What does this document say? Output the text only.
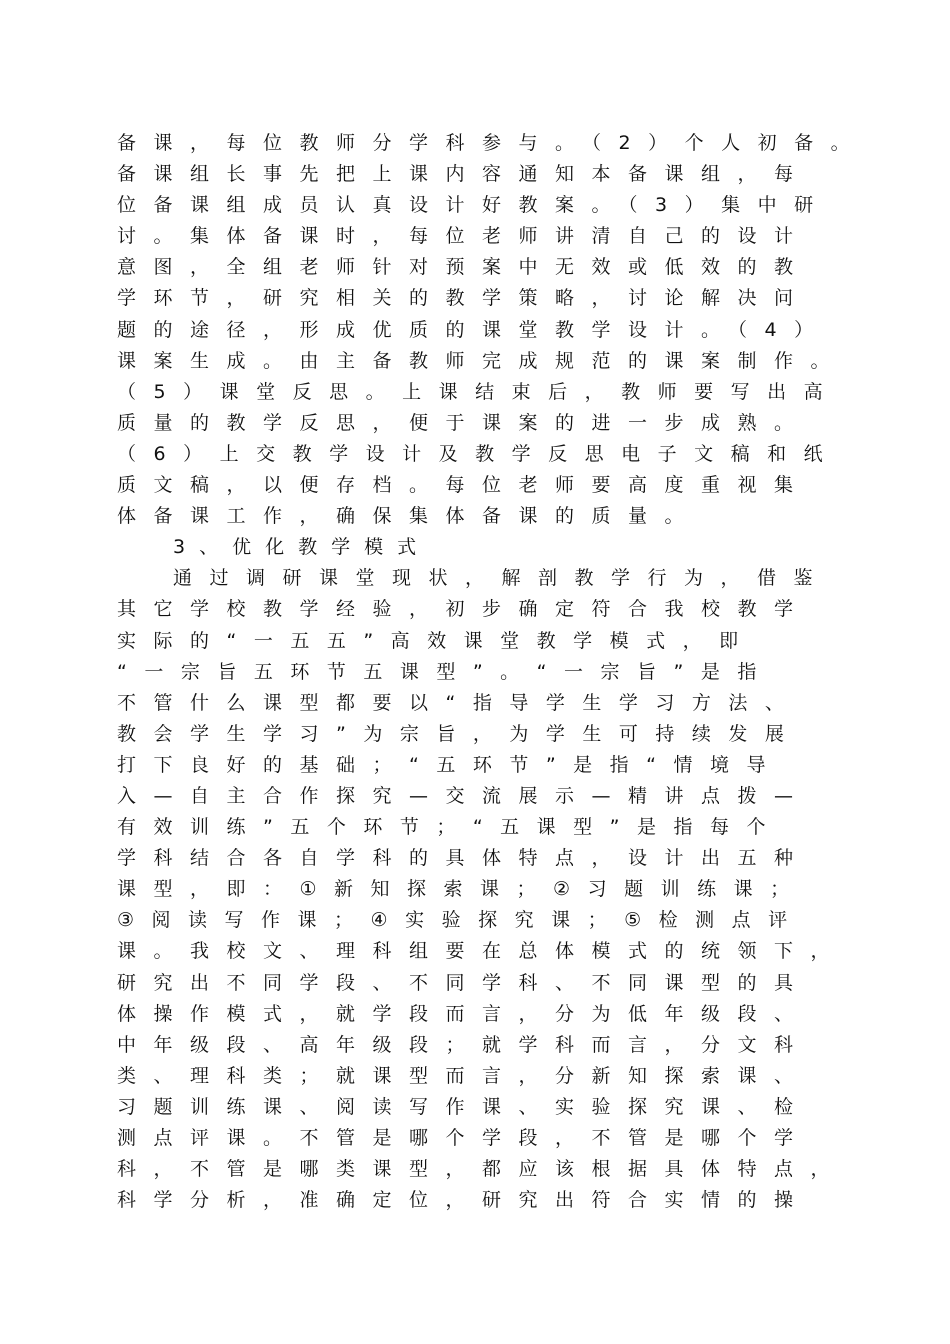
备课，每位教师分学科参与。（2）个人初备。
备课组长事先把上课内容通知本备课组，每
位备课组成员认真设计好教案。（3）集中研
讨。集体备课时，每位老师讲清自己的设计
意图，全组老师针对预案中无效或低效的教
学环节，研究相关的教学策略，讨论解决问
题的途径，形成优质的课堂教学设计。（4）
课案生成。由主备教师完成规范的课案制作。
（5）课堂反思。上课结束后，教师要写出高
质量的教学反思，便于课案的进一步成熟。
（6）上交教学设计及教学反思电子文稿和纸
质文稿，以便存档。每位老师要高度重视集
体备课工作，确保集体备课的质量。
3、优化教学模式
通过调研课堂现状，解剖教学行为，借鉴
其它学校教学经验，初步确定符合我校教学
实际的“一五五”高效课堂教学模式，即
“一宗旨五环节五课型”。“一宗旨”是指
不管什么课型都要以“指导学生学习方法、
教会学生学习”为宗旨，为学生可持续发展
打下良好的基础；“五环节”是指“情境导
入—自主合作探究—交流展示—精讲点拨—
有效训练”五个环节；“五课型”是指每个
学科结合各自学科的具体特点，设计出五种
课型，即：①新知探索课；②习题训练课；
③阅读写作课；④实验探究课；⑤检测点评
课。我校文、理科组要在总体模式的统领下，
研究出不同学段、不同学科、不同课型的具
体操作模式，就学段而言，分为低年级段、
中年级段、高年级段；就学科而言，分文科
类、理科类；就课型而言，分新知探索课、
习题训练课、阅读写作课、实验探究课、检
测点评课。不管是哪个学段，不管是哪个学
科，不管是哪类课型，都应该根据具体特点，
科学分析，准确定位，研究出符合实情的操
